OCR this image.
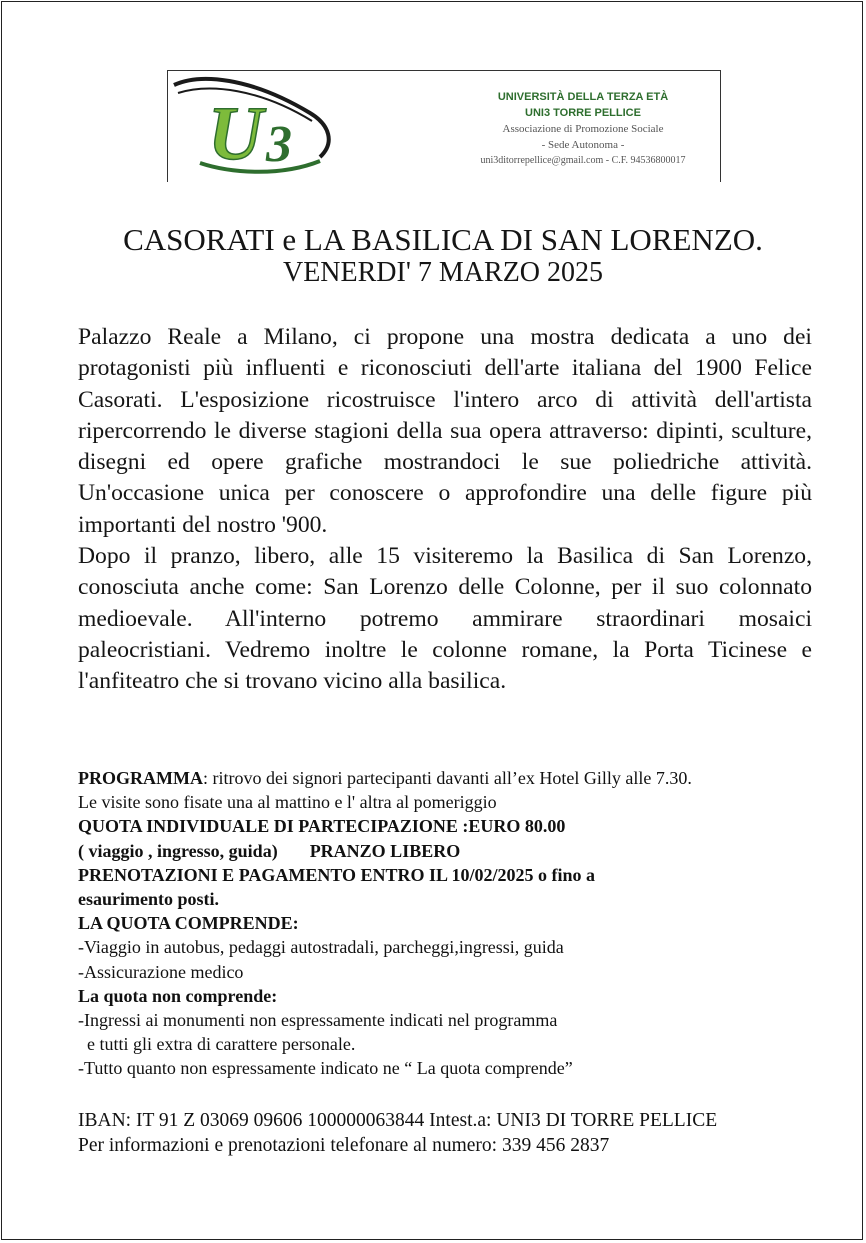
U 3
UNIVERSITÀ DELLA TERZA ETÀ
UNI3 TORRE PELLICE
Associazione di Promozione Sociale
- Sede Autonoma -
uni3ditorrepellice@gmail.com - C.F. 94536800017
CASORATI e LA BASILICA DI SAN LORENZO.
VENERDI' 7 MARZO 2025

Palazzo Reale a Milano, ci propone una mostra dedicata a uno dei protagonisti più influenti e riconosciuti dell'arte italiana del 1900 Felice Casorati. L'esposizione ricostruisce l'intero arco di attività dell'artista ripercorrendo le diverse stagioni della sua opera attraverso: dipinti, sculture, disegni ed opere grafiche mostrandoci le sue poliedriche attività. Un'occasione unica per conoscere o approfondire una delle figure più importanti del nostro '900.

Dopo il pranzo, libero, alle 15 visiteremo la Basilica di San Lorenzo, conosciuta anche come: San Lorenzo delle Colonne, per il suo colonnato medioevale. All'interno potremo ammirare straordinari mosaici paleocristiani. Vedremo inoltre le colonne romane, la Porta Ticinese e l'anfiteatro che si trovano vicino alla basilica.

PROGRAMMA: ritrovo dei signori partecipanti davanti all’ex Hotel Gilly alle 7.30.
Le visite sono fisate una al mattino e l' altra al pomeriggio
QUOTA INDIVIDUALE DI PARTECIPAZIONE :EURO 80.00
( viaggio , ingresso, guida) PRANZO LIBERO
PRENOTAZIONI E PAGAMENTO ENTRO IL 10/02/2025 o fino a
esaurimento posti.
LA QUOTA COMPRENDE:
-Viaggio in autobus, pedaggi autostradali, parcheggi,ingressi, guida
-Assicurazione medico
La quota non comprende:
-Ingressi ai monumenti non espressamente indicati nel programma
e tutti gli extra di carattere personale.
-Tutto quanto non espressamente indicato ne “ La quota comprende”
IBAN: IT 91 Z 03069 09606 100000063844 Intest.a: UNI3 DI TORRE PELLICE
Per informazioni e prenotazioni telefonare al numero: 339 456 2837
